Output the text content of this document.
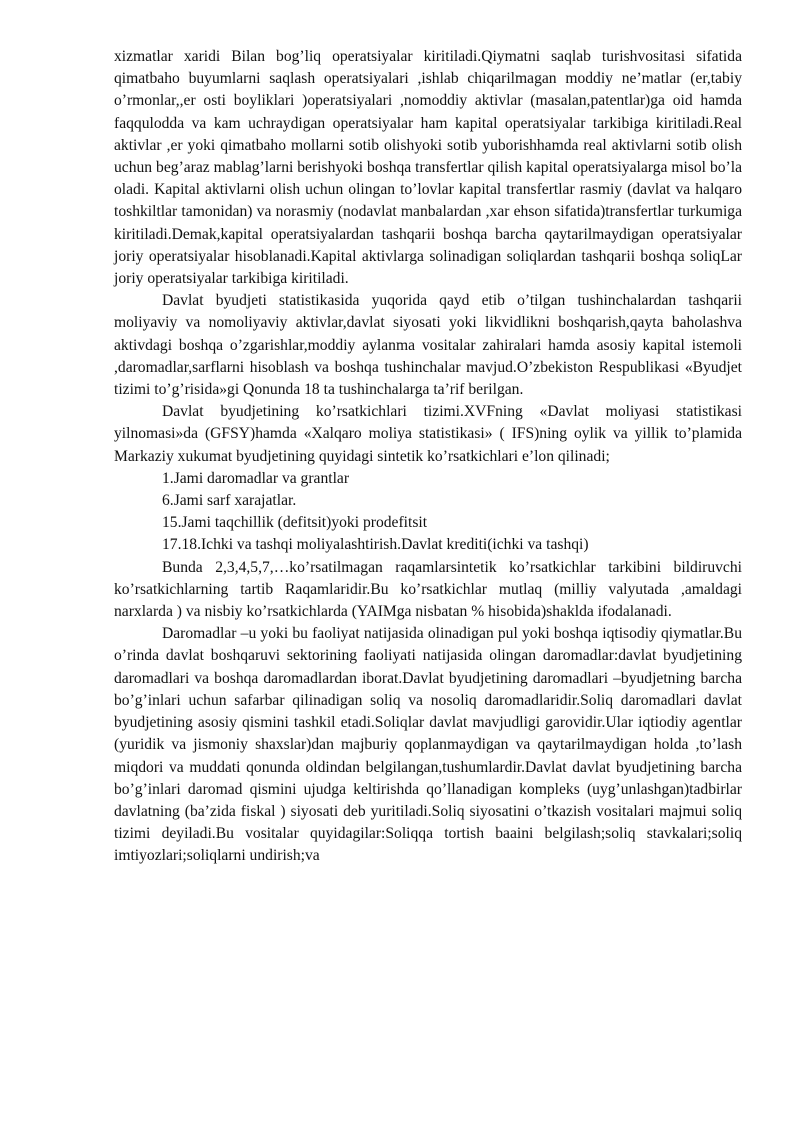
xizmatlar xaridi Bilan bog’liq operatsiyalar kiritiladi.Qiymatni saqlab turishvositasi sifatida qimatbaho buyumlarni saqlash operatsiyalari ,ishlab chiqarilmagan moddiy ne’matlar (er,tabiy o’rmonlar,,er osti boyliklari )operatsiyalari ,nomoddiy aktivlar (masalan,patentlar)ga oid hamda faqqulodda va kam uchraydigan operatsiyalar ham kapital operatsiyalar tarkibiga kiritiladi.Real aktivlar ,er yoki qimatbaho mollarni sotib olishyoki sotib yuborishhamda real aktivlarni sotib olish uchun beg’araz mablag’larni berishyoki boshqa transfertlar qilish kapital operatsiyalarga misol bo’la oladi. Kapital aktivlarni olish uchun olingan to’lovlar kapital transfertlar rasmiy (davlat va halqaro toshkiltlar tamonidan) va norasmiy (nodavlat manbalardan ,xar ehson sifatida)transfertlar turkumiga kiritiladi.Demak,kapital operatsiyalardan tashqarii boshqa barcha qaytarilmaydigan operatsiyalar joriy operatsiyalar hisoblanadi.Kapital aktivlarga solinadigan soliqlardan tashqarii boshqa soliqLar joriy operatsiyalar tarkibiga kiritiladi.

Davlat byudjeti statistikasida yuqorida qayd etib o’tilgan tushinchalardan tashqarii moliyaviy va nomoliyaviy aktivlar,davlat siyosati yoki likvidlikni boshqarish,qayta baholashva aktivdagi boshqa o’zgarishlar,moddiy aylanma vositalar zahiralari hamda asosiy kapital istemoli ,daromadlar,sarflarni hisoblash va boshqa tushinchalar mavjud.O’zbekiston Respublikasi «Byudjet tizimi to’g’risida»gi Qonunda 18 ta tushinchalarga ta’rif berilgan.

Davlat byudjetining ko’rsatkichlari tizimi.XVFning «Davlat moliyasi statistikasi yilnomasi»da (GFSY)hamda «Xalqaro moliya statistikasi» ( IFS)ning oylik va yillik to’plamida Markaziy xukumat byudjetining quyidagi sintetik ko’rsatkichlari e’lon qilinadi;

1.Jami daromadlar va grantlar

6.Jami sarf xarajatlar.

15.Jami taqchillik (defitsit)yoki prodefitsit

17.18.Ichki va tashqi moliyalashtirish.Davlat krediti(ichki va tashqi)

Bunda 2,3,4,5,7,…ko’rsatilmagan raqamlarsintetik ko’rsatkichlar tarkibini bildiruvchi ko’rsatkichlarning tartib Raqamlaridir.Bu ko’rsatkichlar mutlaq (milliy valyutada ,amaldagi narxlarda ) va nisbiy ko’rsatkichlarda (YAIMga nisbatan % hisobida)shaklda ifodalanadi.

Daromadlar –u yoki bu faoliyat natijasida olinadigan pul yoki boshqa iqtisodiy qiymatlar.Bu o’rinda davlat boshqaruvi sektorining faoliyati natijasida olingan daromadlar:davlat byudjetining daromadlari va boshqa daromadlardan iborat.Davlat byudjetining daromadlari –byudjetning barcha bo’g’inlari uchun safarbar qilinadigan soliq va nosoliq daromadlaridir.Soliq daromadlari davlat byudjetining asosiy qismini tashkil etadi.Soliqlar davlat mavjudligi garovidir.Ular iqtiodiy agentlar (yuridik va jismoniy shaxslar)dan majburiy qoplanmaydigan va qaytarilmaydigan holda ,to’lash miqdori va muddati qonunda oldindan belgilangan,tushumlardir.Davlat davlat byudjetining barcha bo’g’inlari daromad qismini ujudga keltirishda qo’llanadigan kompleks (uyg’unlashgan)tadbirlar davlatning (ba’zida fiskal ) siyosati deb yuritiladi.Soliq siyosatini o’tkazish vositalari majmui soliq tizimi deyiladi.Bu vositalar quyidagilar:Soliqqa tortish baaini belgilash;soliq stavkalari;soliq imtiyozlari;soliqlarni undirish;va
